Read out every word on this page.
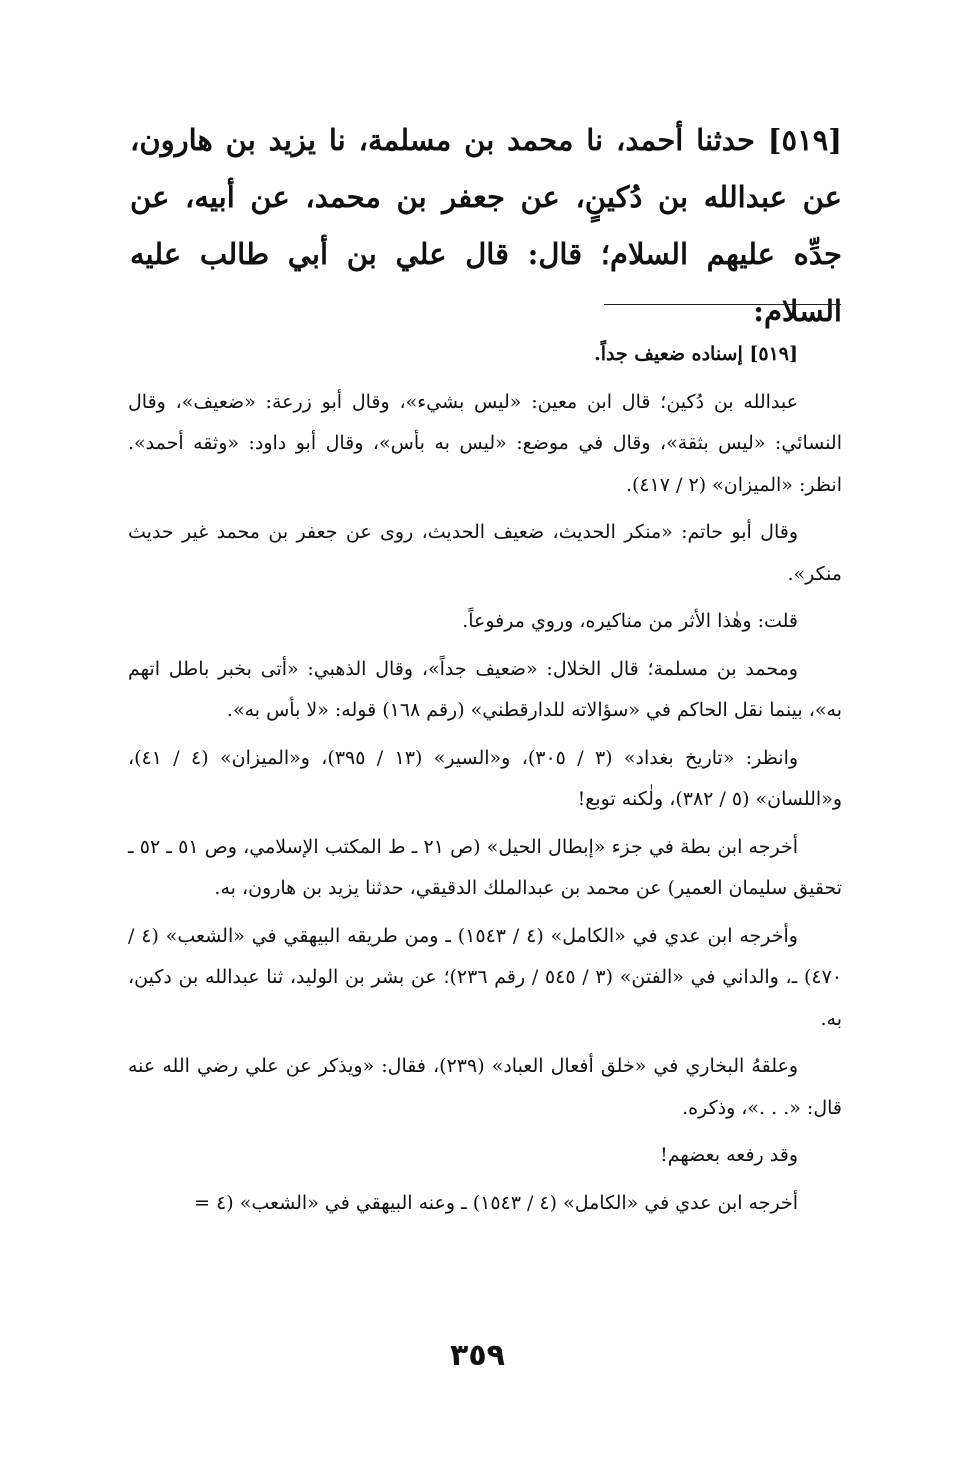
[٥١٩] حدثنا أحمد، نا محمد بن مسلمة، نا يزيد بن هارون، عن عبدالله بن دُكينٍ، عن جعفر بن محمد، عن أبيه، عن جدِّه عليهم السلام؛ قال: قال علي بن أبي طالب عليه السلام:

[٥١٩] إسناده ضعيف جداً.

عبدالله بن دُكين؛ قال ابن معين: «ليس بشيء»، وقال أبو زرعة: «ضعيف»، وقال النسائي: «ليس بثقة»، وقال في موضع: «ليس به بأس»، وقال أبو داود: «وثقه أحمد». انظر: «الميزان» (٢ / ٤١٧).

وقال أبو حاتم: «منكر الحديث، ضعيف الحديث، روى عن جعفر بن محمد غير حديث منكر».

قلت: وهٰذا الأثر من مناكيره، وروي مرفوعاً.

ومحمد بن مسلمة؛ قال الخلال: «ضعيف جداً»، وقال الذهبي: «أتى بخبر باطل اتهم به»، بينما نقل الحاكم في «سؤالاته للدارقطني» (رقم ١٦٨) قوله: «لا بأس به».

وانظر: «تاريخ بغداد» (٣ / ٣٠٥)، و«السير» (١٣ / ٣٩٥)، و«الميزان» (٤ / ٤١)، و«اللسان» (٥ / ٣٨٢)، ولٰكنه توبع!

أخرجه ابن بطة في جزء «إبطال الحيل» (ص ٢١ ـ ط المكتب الإسلامي، وص ٥١ ـ ٥٢ ـ تحقيق سليمان العمير) عن محمد بن عبدالملك الدقيقي، حدثنا يزيد بن هارون، به.

وأخرجه ابن عدي في «الكامل» (٤ / ١٥٤٣) ـ ومن طريقه البيهقي في «الشعب» (٤ / ٤٧٠) ـ، والداني في «الفتن» (٣ / ٥٤٥ / رقم ٢٣٦)؛ عن بشر بن الوليد، ثنا عبدالله بن دكين، به.

وعلقهُ البخاري في «خلق أفعال العباد» (٢٣٩)، فقال: «ويذكر عن علي رضي الله عنه قال: «. . .»، وذكره.

وقد رفعه بعضهم!

أخرجه ابن عدي في «الكامل» (٤ / ١٥٤٣) ـ وعنه البيهقي في «الشعب» (٤ =

٣٥٩
